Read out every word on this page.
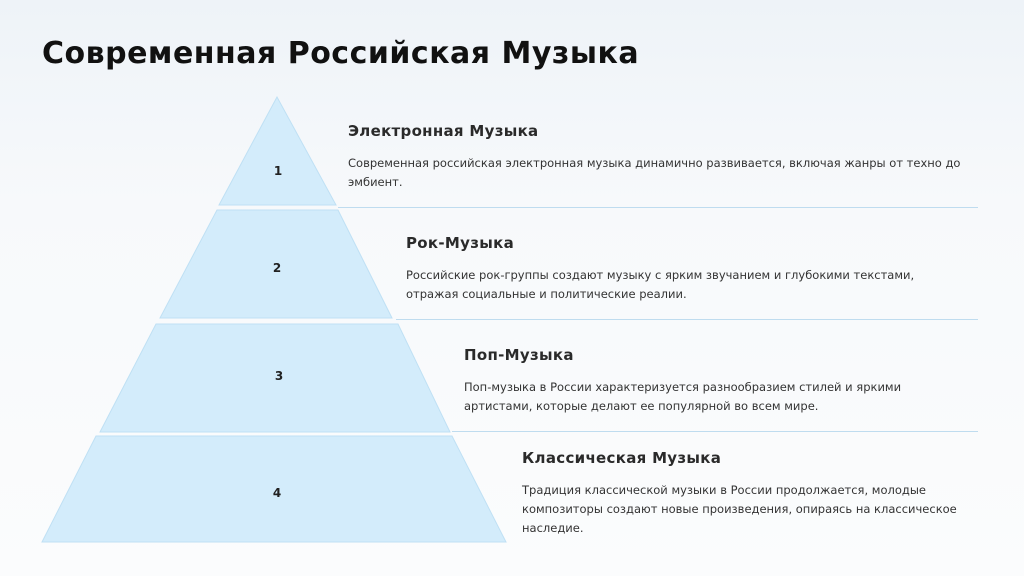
Современная Российская Музыка
1
2
3
4
Электронная Музыка

Современная российская электронная музыка динамично развивается, включая жанры от техно до эмбиент.

Рок-Музыка

Российские рок-группы создают музыку с ярким звучанием и глубокими текстами, отражая социальные и политические реалии.

Поп-Музыка

Поп-музыка в России характеризуется разнообразием стилей и яркими артистами, которые делают ее популярной во всем мире.

Классическая Музыка

Традиция классической музыки в России продолжается, молодые композиторы создают новые произведения, опираясь на классическое наследие.
